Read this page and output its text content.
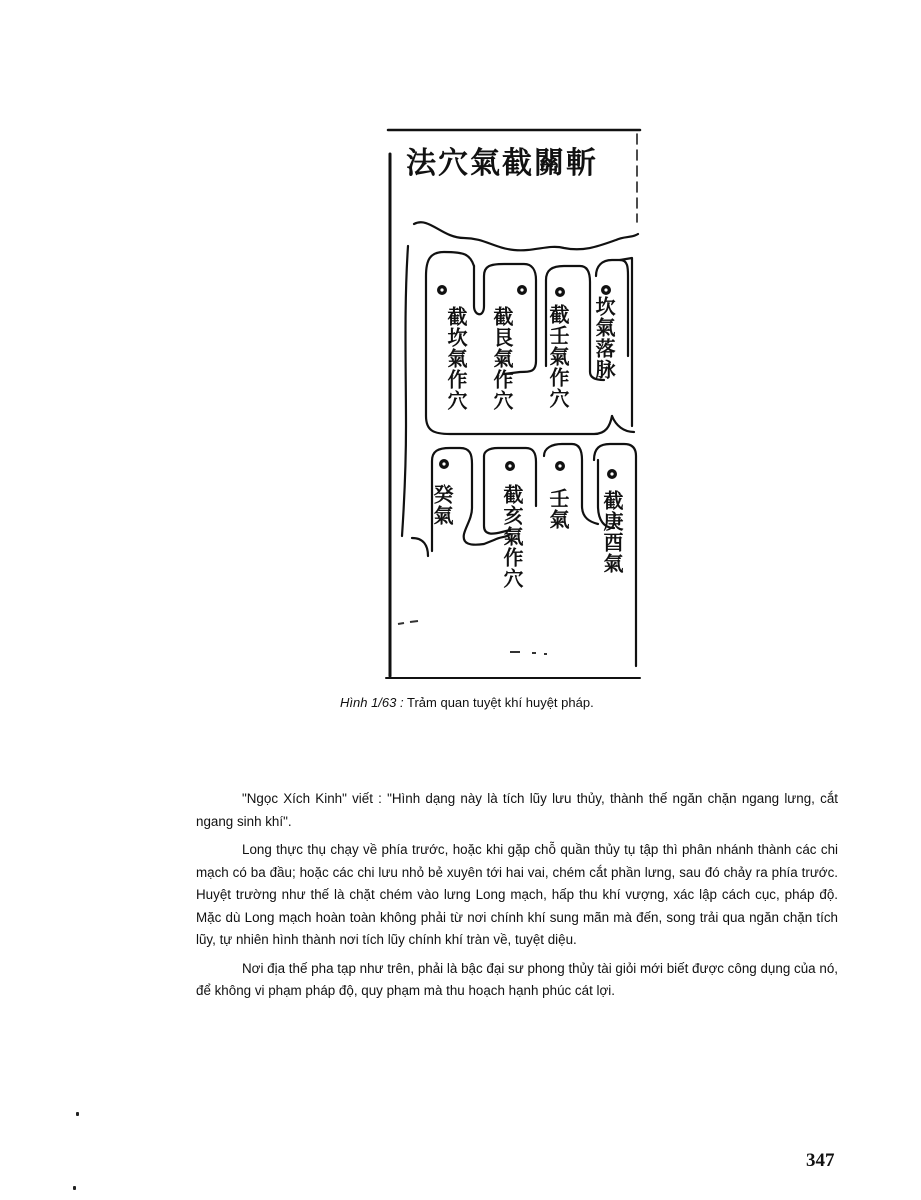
法穴氣截關斬
截坎氣作穴 截艮氣作穴 截壬氣作穴 坎氣落脉
癸氣 截亥氣作穴 壬氣 截庚酉氣
Hình 1/63 : Trảm quan tuyệt khí huyệt pháp.

"Ngọc Xích Kinh" viết : "Hình dạng này là tích lũy lưu thủy, thành thế ngăn chặn ngang lưng, cắt ngang sinh khí".

Long thực thụ chạy về phía trước, hoặc khi gặp chỗ quần thủy tụ tập thì phân nhánh thành các chi mạch có ba đầu; hoặc các chi lưu nhỏ bẻ xuyên tới hai vai, chém cắt phần lưng, sau đó chảy ra phía trước. Huyệt trường như thế là chặt chém vào lưng Long mạch, hấp thu khí vượng, xác lập cách cục, pháp độ. Mặc dù Long mạch hoàn toàn không phải từ nơi chính khí sung mãn mà đến, song trải qua ngăn chặn tích lũy, tự nhiên hình thành nơi tích lũy chính khí tràn về, tuyệt diệu.

Nơi địa thế pha tạp như trên, phải là bậc đại sư phong thủy tài giỏi mới biết được công dụng của nó, để không vi phạm pháp độ, quy phạm mà thu hoạch hạnh phúc cát lợi.

347
